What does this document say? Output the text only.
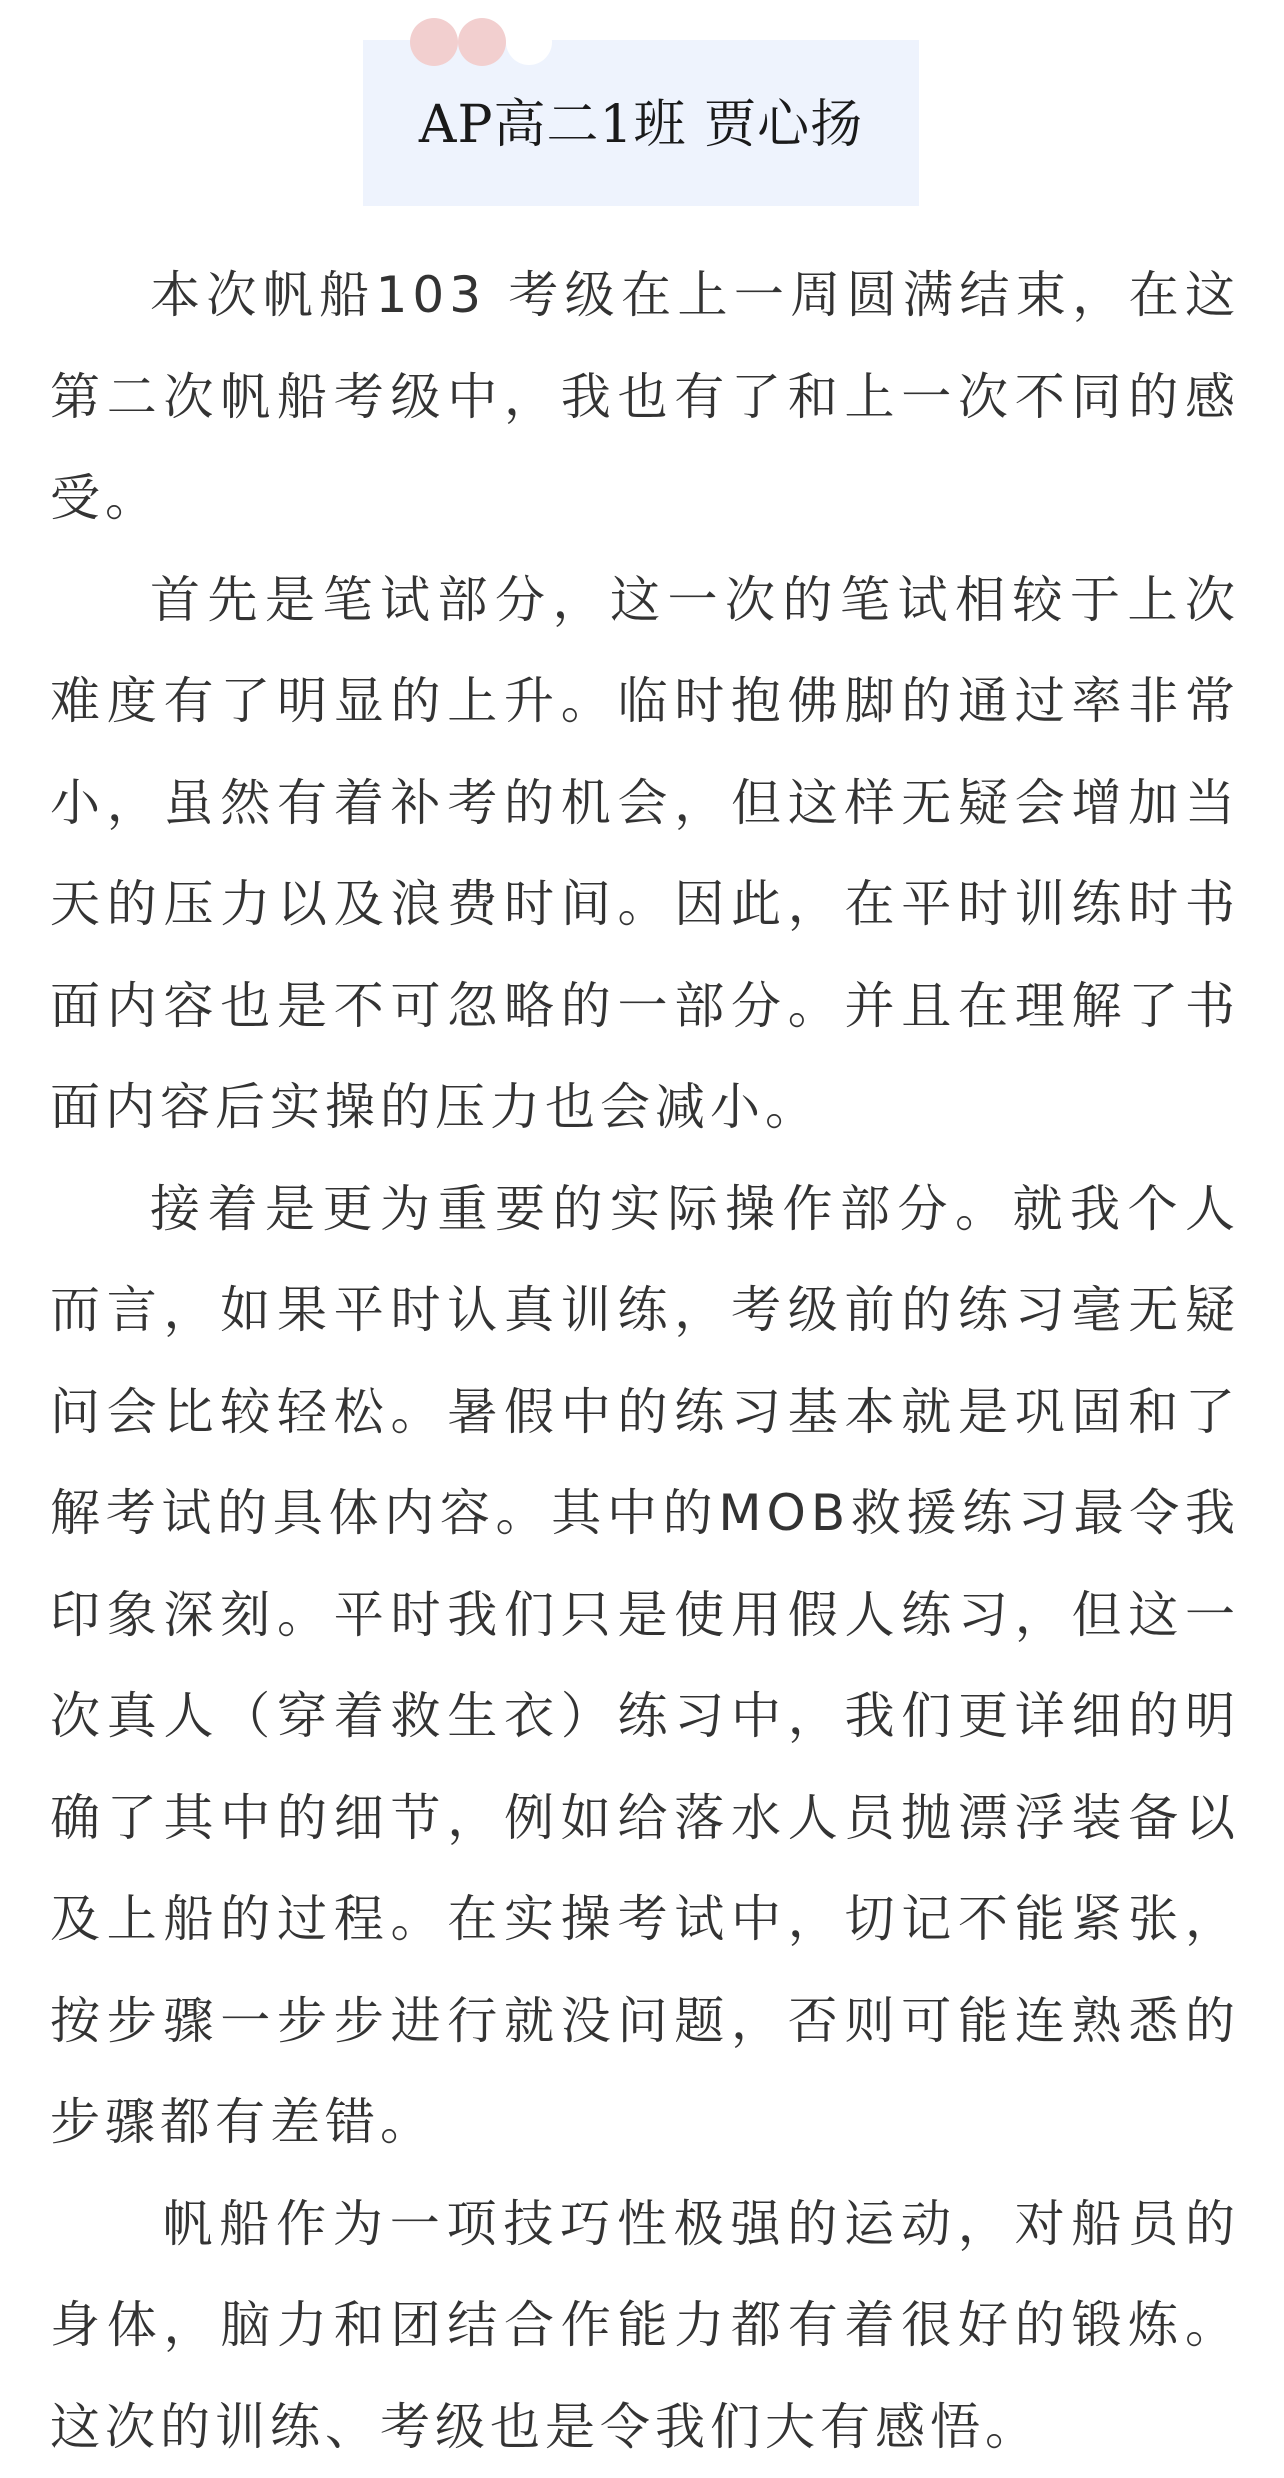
AP高二1班 贾心扬

本次帆船103 考级在上一周圆满结束，在这第二次帆船考级中，我也有了和上一次不同的感受。

首先是笔试部分，这一次的笔试相较于上次难度有了明显的上升。临时抱佛脚的通过率非常小，虽然有着补考的机会，但这样无疑会增加当天的压力以及浪费时间。因此，在平时训练时书面内容也是不可忽略的一部分。并且在理解了书面内容后实操的压力也会减小。

接着是更为重要的实际操作部分。就我个人而言，如果平时认真训练，考级前的练习毫无疑问会比较轻松。暑假中的练习基本就是巩固和了解考试的具体内容。其中的MOB救援练习最令我印象深刻。平时我们只是使用假人练习，但这一次真人（穿着救生衣）练习中，我们更详细的明确了其中的细节，例如给落水人员抛漂浮装备以及上船的过程。在实操考试中，切记不能紧张，按步骤一步步进行就没问题，否则可能连熟悉的步骤都有差错。

帆船作为一项技巧性极强的运动，对船员的身体，脑力和团结合作能力都有着很好的锻炼。这次的训练、考级也是令我们大有感悟。
